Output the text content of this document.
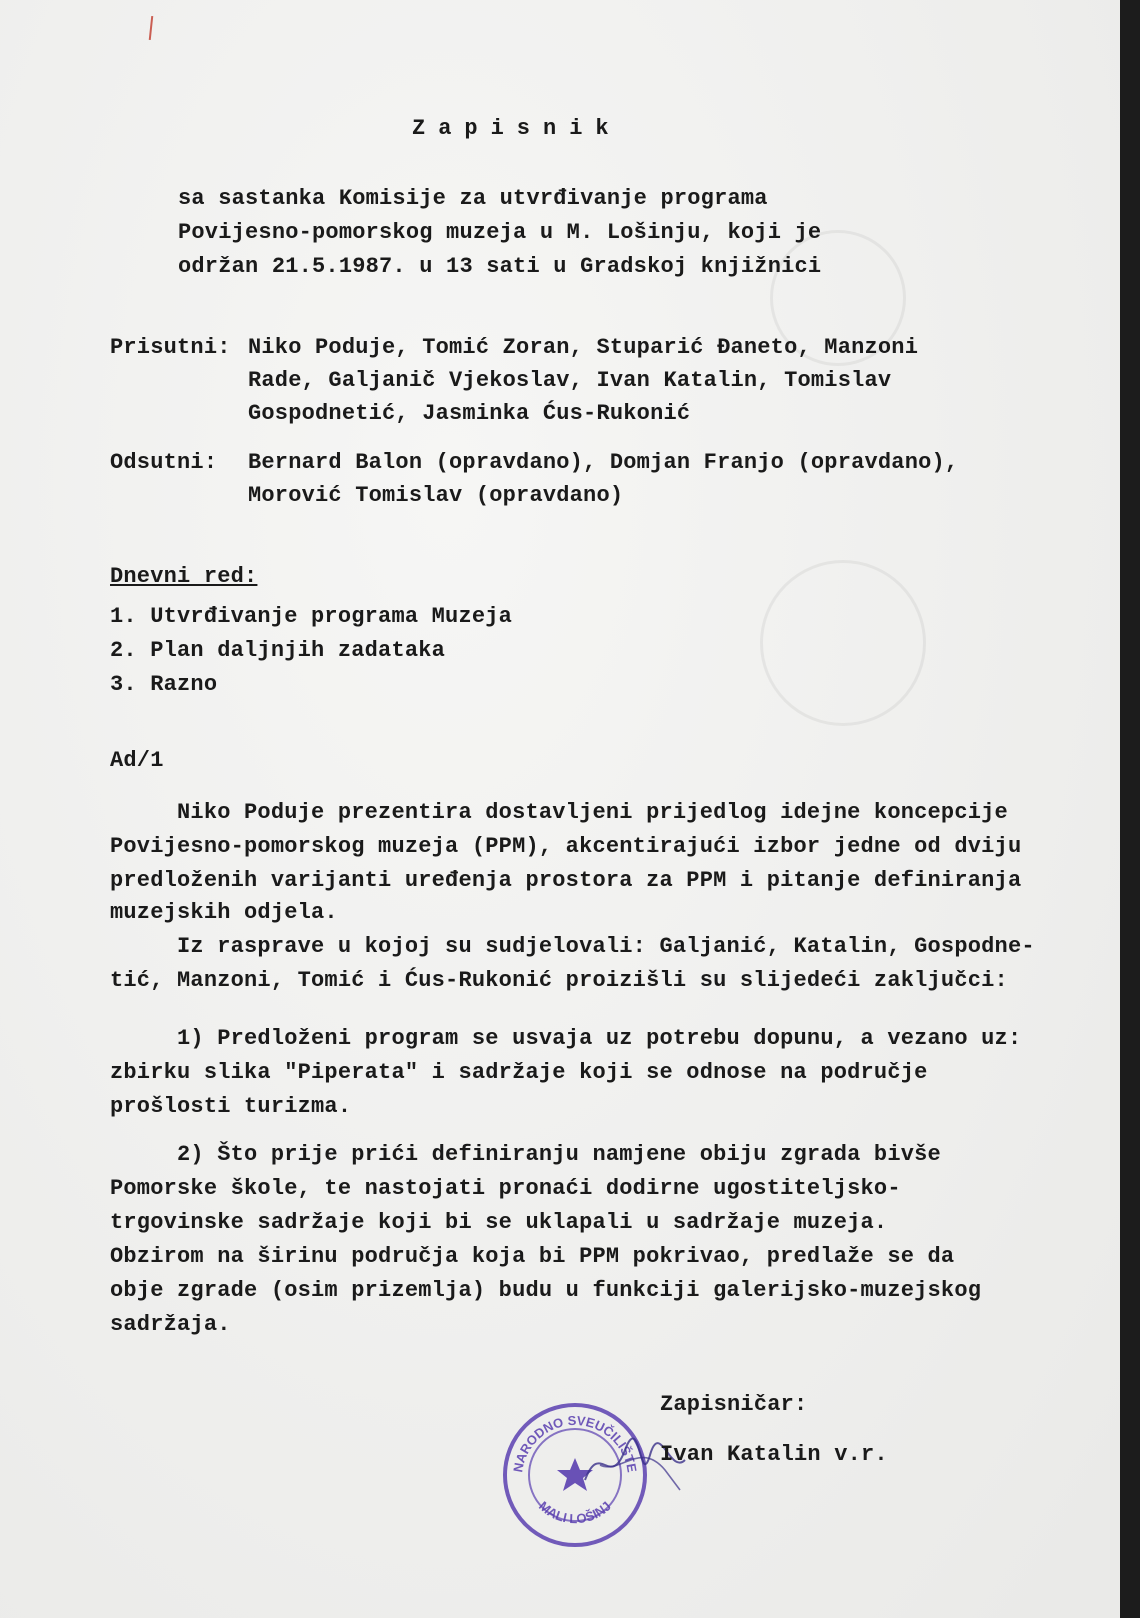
Zapisnik
sa sastanka Komisije za utvrđivanje programa
Povijesno-pomorskog muzeja u M. Lošinju, koji je
održan 21.5.1987. u 13 sati u Gradskoj knjižnici
Prisutni: Niko Poduje, Tomić Zoran, Stuparić Đaneto, Manzoni
Rade, Galjanič Vjekoslav, Ivan Katalin, Tomislav
Gospodnetić, Jasminka Ćus-Rukonić
Odsutni: Bernard Balon (opravdano), Domjan Franjo (opravdano),
Morović Tomislav (opravdano)
Dnevni red:
1. Utvrđivanje programa Muzeja
2. Plan daljnjih zadataka
3. Razno
Ad/1
Niko Poduje prezentira dostavljeni prijedlog idejne koncepcije
Povijesno-pomorskog muzeja (PPM), akcentirajući izbor jedne od dviju
predloženih varijanti uređenja prostora za PPM i pitanje definiranja
muzejskih odjela.
Iz rasprave u kojoj su sudjelovali: Galjanić, Katalin, Gospodne-
tić, Manzoni, Tomić i Ćus-Rukonić proizišli su slijedeći zaključci:
1) Predloženi program se usvaja uz potrebu dopunu, a vezano uz:
zbirku slika "Piperata" i sadržaje koji se odnose na područje
prošlosti turizma.
2) Što prije prići definiranju namjene obiju zgrada bivše
Pomorske škole, te nastojati pronaći dodirne ugostiteljsko-
trgovinske sadržaje koji bi se uklapali u sadržaje muzeja.
Obzirom na širinu područja koja bi PPM pokrivao, predlaže se da
obje zgrade (osim prizemlja) budu u funkciji galerijsko-muzejskog
sadržaja.
NARODNO SVEUČILIŠTE
MALI LOŠINJ
Zapisničar:
Ivan Katalin v.r.
